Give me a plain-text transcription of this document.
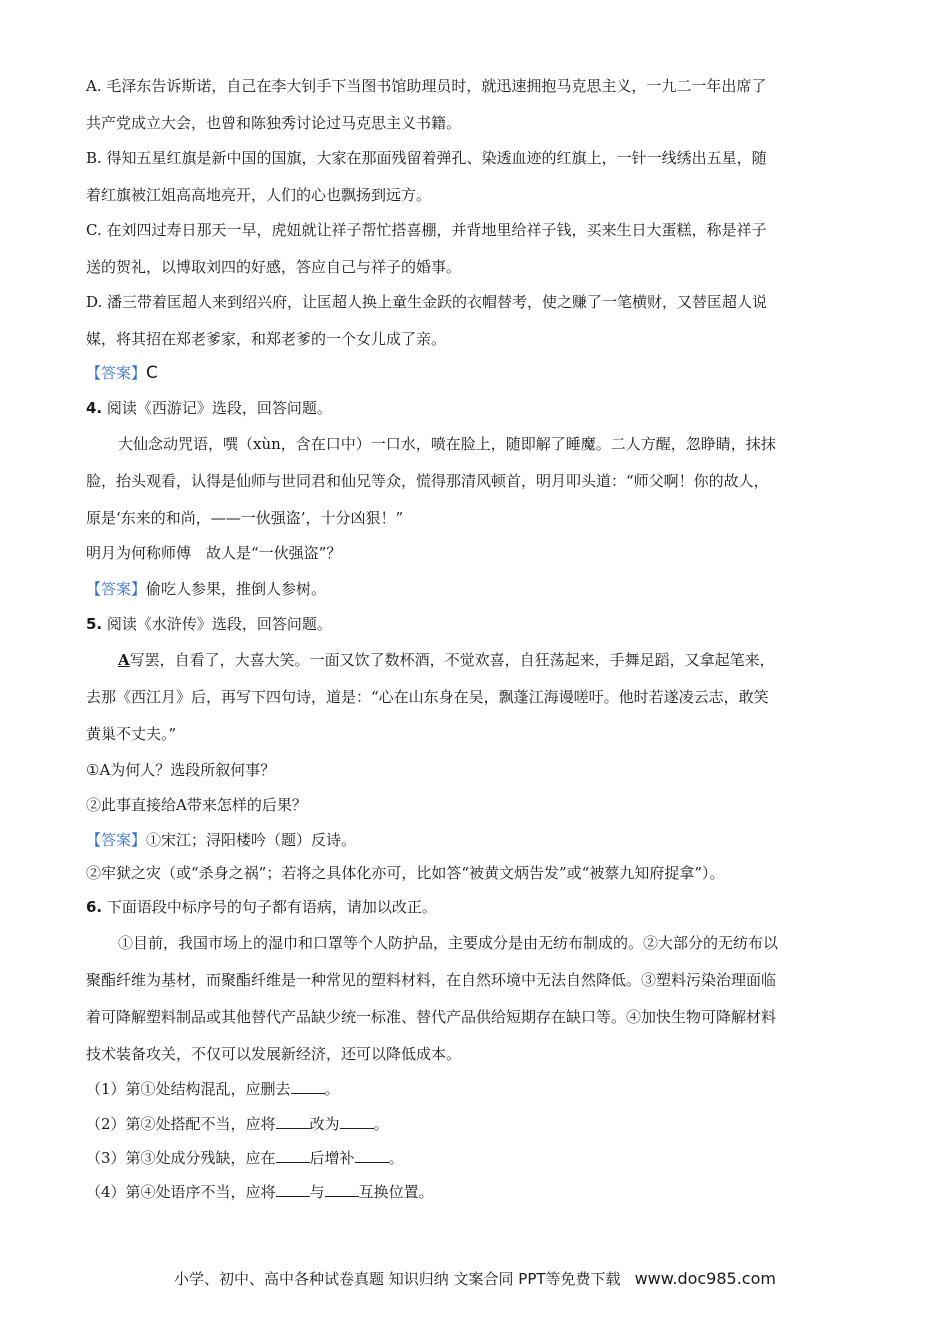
A. 毛泽东告诉斯诺，自己在李大钊手下当图书馆助理员时，就迅速拥抱马克思主义，一九二一年出席了
共产党成立大会，也曾和陈独秀讨论过马克思主义书籍。
B. 得知五星红旗是新中国的国旗，大家在那面残留着弹孔、染透血迹的红旗上，一针一线绣出五星，随
着红旗被江姐高高地亮开，人们的心也飘扬到远方。
C. 在刘四过寿日那天一早，虎妞就让祥子帮忙搭喜棚，并背地里给祥子钱，买来生日大蛋糕，称是祥子
送的贺礼，以博取刘四的好感，答应自己与祥子的婚事。
D. 潘三带着匡超人来到绍兴府，让匡超人换上童生金跃的衣帽替考，使之赚了一笔横财，又替匡超人说
媒，将其招在郑老爹家，和郑老爹的一个女儿成了亲。
【答案】C
4. 阅读《西游记》选段，回答问题。
大仙念动咒语，噀（xùn，含在口中）一口水，喷在脸上，随即解了睡魔。二人方醒，忽睁睛，抹抹
脸，抬头观看，认得是仙师与世同君和仙兄等众，慌得那清风顿首，明月叩头道：“师父啊！你的故人，
原是‘东来的和尚，——一伙强盗’，十分凶狠！”
明月为何称师傅　故人是“一伙强盗”？
【答案】偷吃人参果，推倒人参树。
5. 阅读《水浒传》选段，回答问题。
A写罢，自看了，大喜大笑。一面又饮了数杯酒，不觉欢喜，自狂荡起来，手舞足蹈，又拿起笔来，
去那《西江月》后，再写下四句诗，道是：“心在山东身在吴，飘蓬江海谩嗟吁。他时若遂凌云志，敢笑
黄巢不丈夫。”
①A为何人？选段所叙何事？
②此事直接给A带来怎样的后果？
【答案】①宋江；浔阳楼吟（题）反诗。
②牢狱之灾（或“杀身之祸”；若将之具体化亦可，比如答“被黄文炳告发”或“被蔡九知府捉拿”）。
6. 下面语段中标序号的句子都有语病，请加以改正。
①目前，我国市场上的湿巾和口罩等个人防护品，主要成分是由无纺布制成的。②大部分的无纺布以
聚酯纤维为基材，而聚酯纤维是一种常见的塑料材料，在自然环境中无法自然降低。③塑料污染治理面临
着可降解塑料制品或其他替代产品缺少统一标准、替代产品供给短期存在缺口等。④加快生物可降解材料
技术装备攻关，不仅可以发展新经济，还可以降低成本。
（1）第①处结构混乱，应删去 。
（2）第②处搭配不当，应将 改为 。
（3）第③处成分残缺，应在 后增补 。
（4）第④处语序不当，应将 与 互换位置。
小学、初中、高中各种试卷真题 知识归纳 文案合同 PPT等免费下载 www.doc985.com
